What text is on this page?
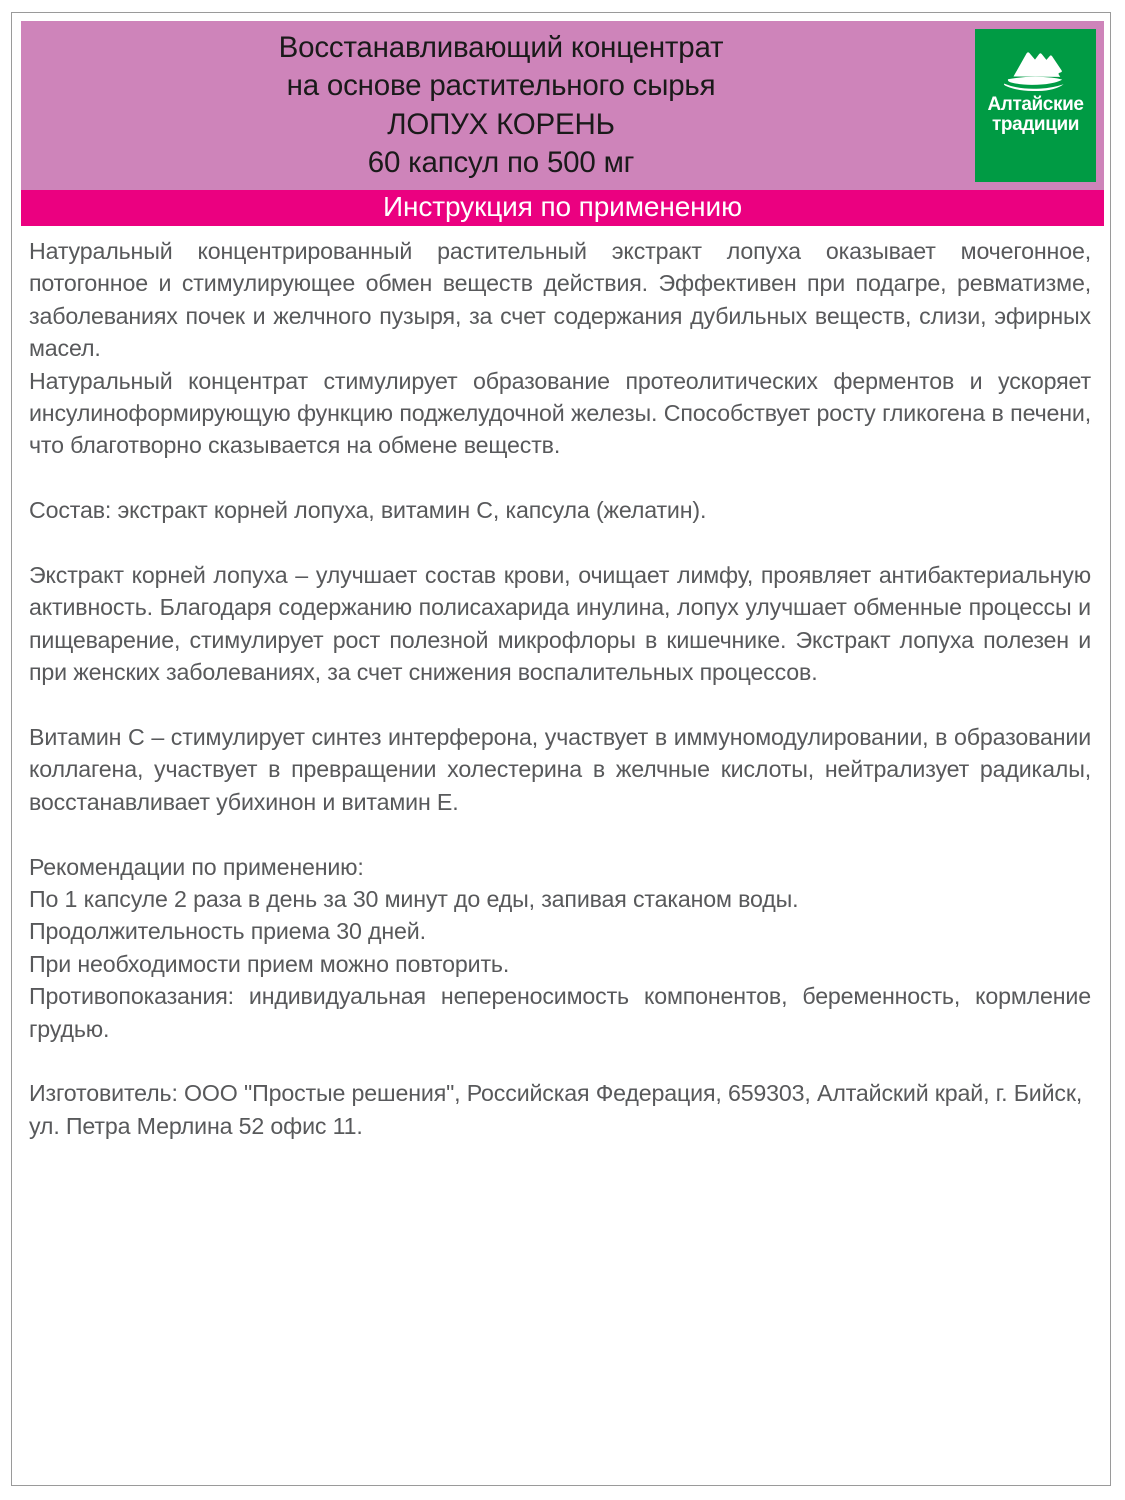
Восстанавливающий концентрат
на основе растительного сырья
ЛОПУХ КОРЕНЬ
60 капсул по 500 мг
Алтайские
традиции
Инструкция по применению

Натуральный концентрированный растительный экстракт лопуха оказывает мочегонное, потогонное и стимулирующее обмен веществ действия. Эффективен при подагре, ревматизме, заболеваниях почек и желчного пузыря, за счет содержания дубильных веществ, слизи, эфирных масел.

Натуральный концентрат стимулирует образование протеолитических ферментов и ускоряет инсулиноформирующую функцию поджелудочной железы. Способствует росту гликогена в печени, что благотворно сказывается на обмене веществ.

Состав: экстракт корней лопуха, витамин С, капсула (желатин).

Экстракт корней лопуха – улучшает состав крови, очищает лимфу, проявляет антибактериальную активность. Благодаря содержанию полисахарида инулина, лопух улучшает обменные процессы и пищеварение, стимулирует рост полезной микрофлоры в кишечнике. Экстракт лопуха полезен и при женских заболеваниях, за счет снижения воспалительных процессов.

Витамин С – стимулирует синтез интерферона, участвует в иммуномодулировании, в образовании коллагена, участвует в превращении холестерина в желчные кислоты, нейтрализует радикалы, восстанавливает убихинон и витамин Е.

Рекомендации по применению:

По 1 капсуле 2 раза в день за 30 минут до еды, запивая стаканом воды.

Продолжительность приема 30 дней.

При необходимости прием можно повторить.

Противопоказания: индивидуальная непереносимость компонентов, беременность, кормление грудью.

Изготовитель: ООО "Простые решения", Российская Федерация, 659303, Алтайский край, г. Бийск, ул. Петра Мерлина 52 офис 11.
